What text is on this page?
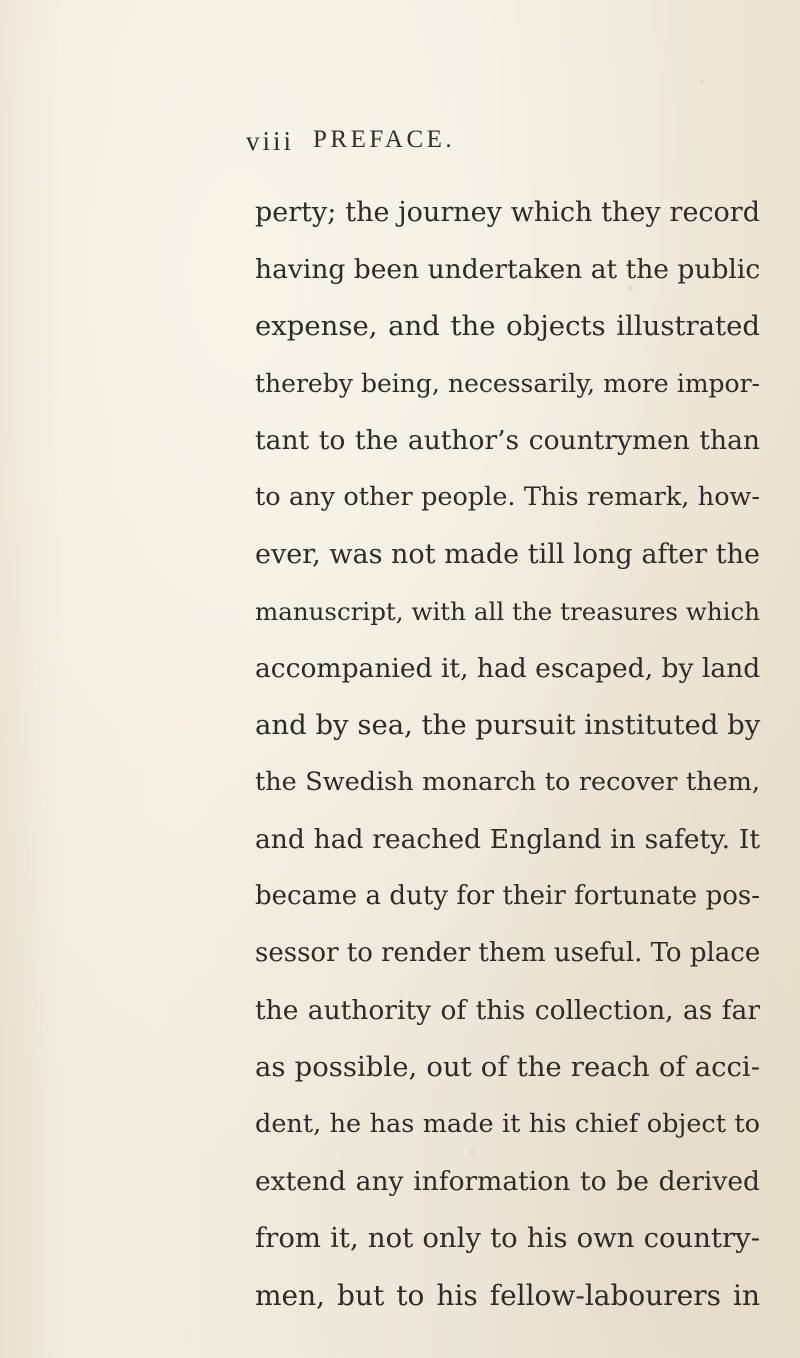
viii PREFACE.
perty; the journey which they record
having been undertaken at the public
expense, and the objects illustrated
thereby being, necessarily, more impor-
tant to the author’s countrymen than
to any other people. This remark, how-
ever, was not made till long after the
manuscript, with all the treasures which
accompanied it, had escaped, by land
and by sea, the pursuit instituted by
the Swedish monarch to recover them,
and had reached England in safety. It
became a duty for their fortunate pos-
sessor to render them useful. To place
the authority of this collection, as far
as possible, out of the reach of acci-
dent, he has made it his chief object to
extend any information to be derived
from it, not only to his own country-
men, but to his fellow-labourers in
